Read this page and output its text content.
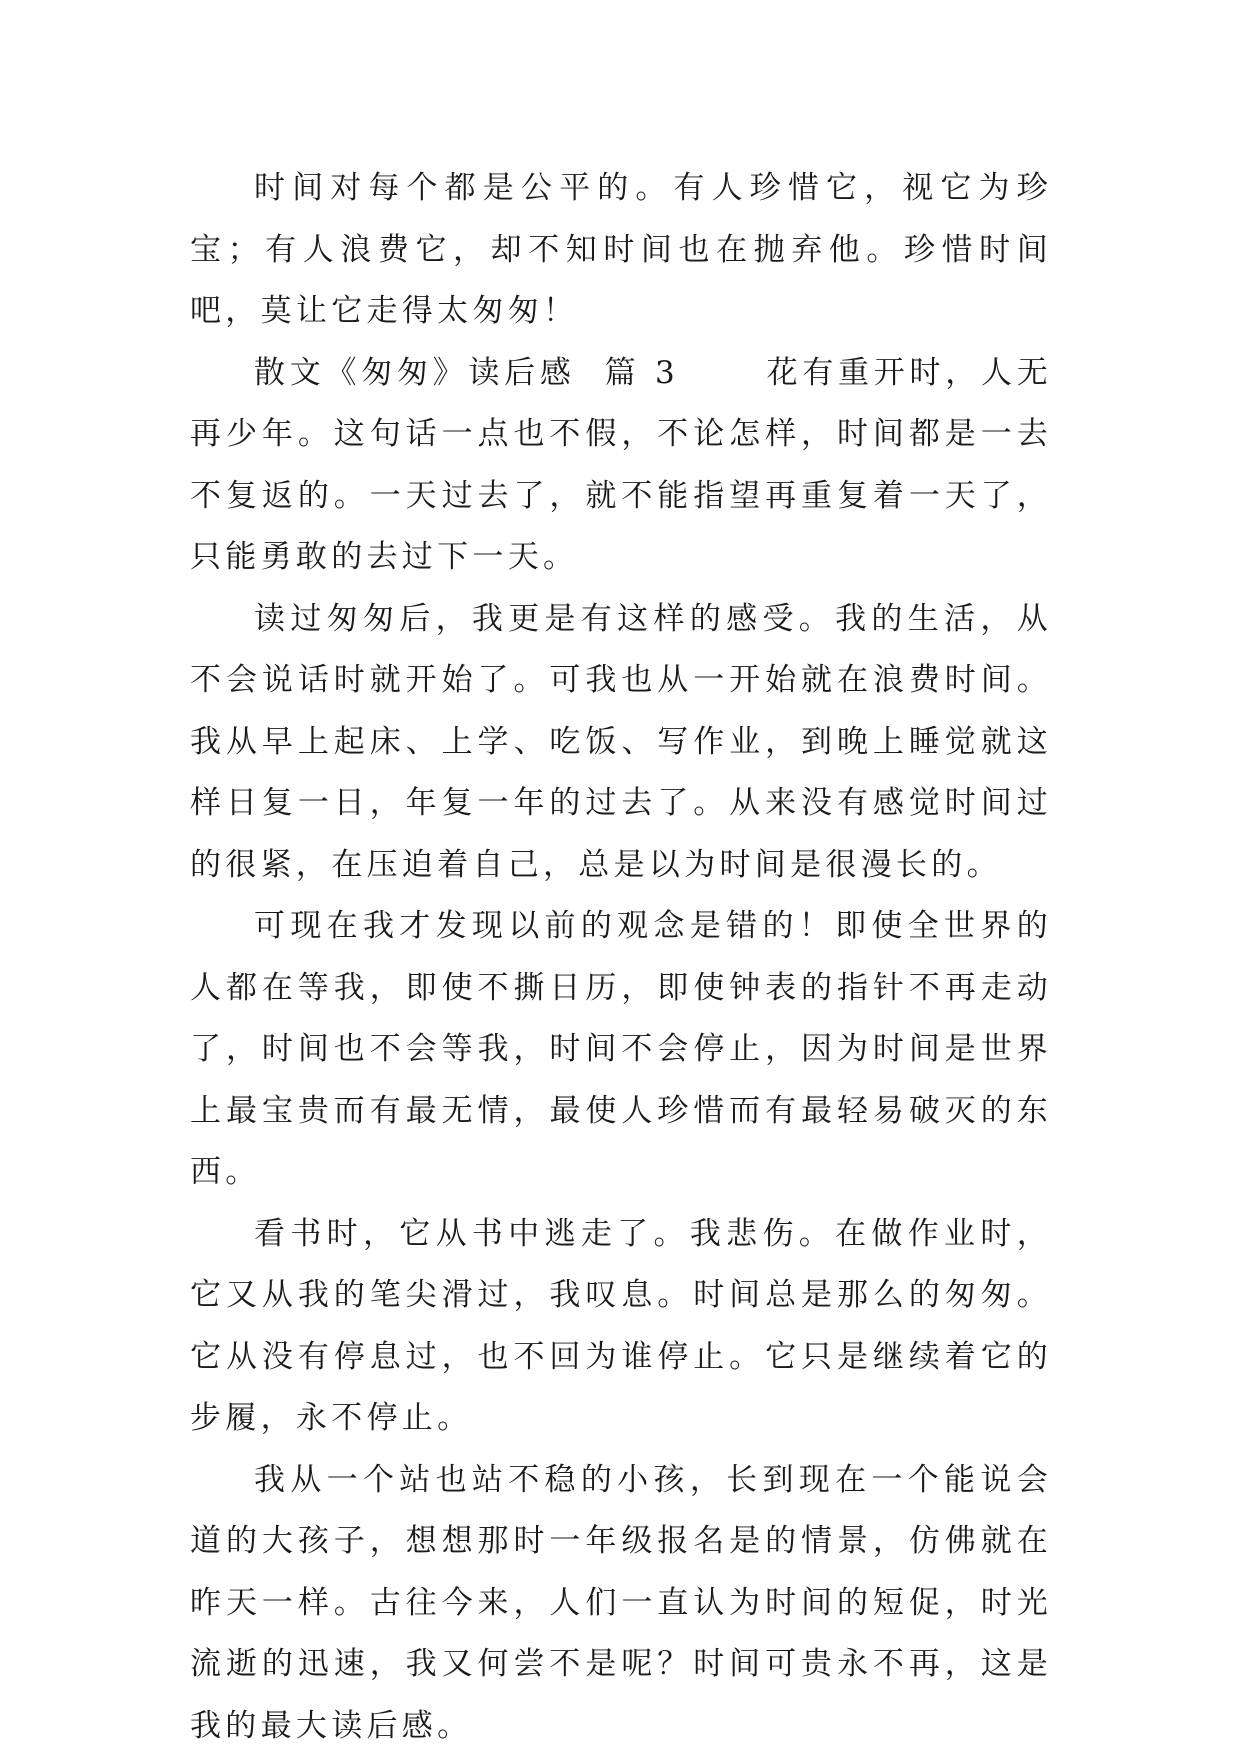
时间对每个都是公平的。有人珍惜它，视它为珍宝；有人浪费它，却不知时间也在抛弃他。珍惜时间吧，莫让它走得太匆匆！

散文《匆匆》读后感  篇 3	花有重开时，人无再少年。这句话一点也不假，不论怎样，时间都是一去不复返的。一天过去了，就不能指望再重复着一天了，只能勇敢的去过下一天。

读过匆匆后，我更是有这样的感受。我的生活，从不会说话时就开始了。可我也从一开始就在浪费时间。我从早上起床、上学、吃饭、写作业，到晚上睡觉就这样日复一日，年复一年的过去了。从来没有感觉时间过的很紧，在压迫着自己，总是以为时间是很漫长的。

可现在我才发现以前的观念是错的！即使全世界的人都在等我，即使不撕日历，即使钟表的指针不再走动了，时间也不会等我，时间不会停止，因为时间是世界上最宝贵而有最无情，最使人珍惜而有最轻易破灭的东西。

看书时，它从书中逃走了。我悲伤。在做作业时，它又从我的笔尖滑过，我叹息。时间总是那么的匆匆。它从没有停息过，也不回为谁停止。它只是继续着它的步履，永不停止。

我从一个站也站不稳的小孩，长到现在一个能说会道的大孩子，想想那时一年级报名是的情景，仿佛就在昨天一样。古往今来，人们一直认为时间的短促，时光流逝的迅速，我又何尝不是呢？时间可贵永不再，这是我的最大读后感。
